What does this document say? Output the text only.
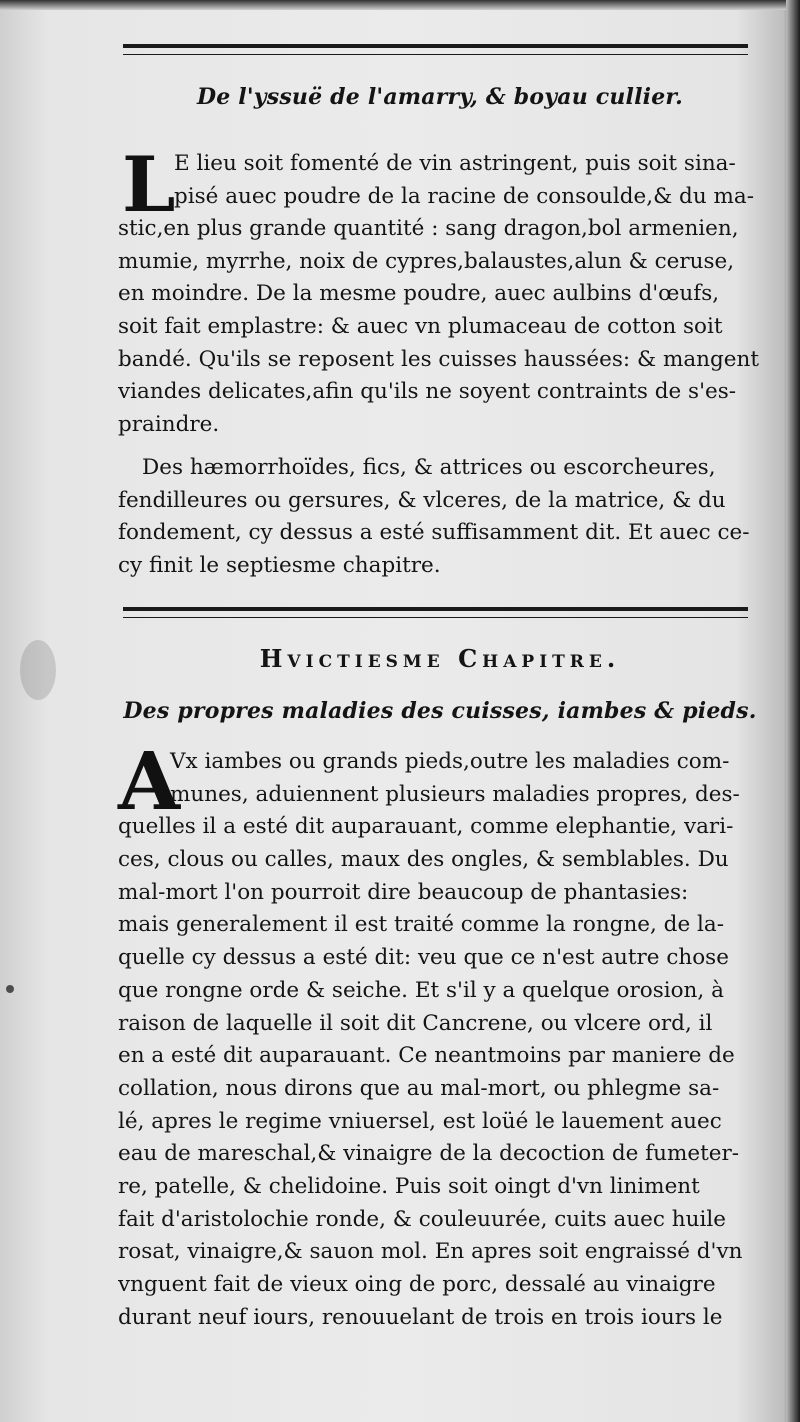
De l'yssuë de l'amarry, & boyau cullier.
L
E lieu soit fomenté de vin astringent, puis soit sina-
pisé auec poudre de la racine de consoulde,& du ma-
stic,en plus grande quantité : sang dragon,bol armenien,
mumie, myrrhe, noix de cypres,balaustes,alun & ceruse,
en moindre. De la mesme poudre, auec aulbins d'œufs,
soit fait emplastre: & auec vn plumaceau de cotton soit
bandé. Qu'ils se reposent les cuisses haussées: & mangent
viandes delicates,afin qu'ils ne soyent contraints de s'es-
praindre.
Des hæmorrhoïdes, fics, & attrices ou escorcheures,
fendilleures ou gersures, & vlceres, de la matrice, & du
fondement, cy dessus a esté suffisamment dit. Et auec ce-
cy finit le septiesme chapitre.
Hvictiesme Chapitre.
Des propres maladies des cuisses, iambes & pieds.
A
Vx iambes ou grands pieds,outre les maladies com-
munes, aduiennent plusieurs maladies propres, des-
quelles il a esté dit auparauant, comme elephantie, vari-
ces, clous ou calles, maux des ongles, & semblables. Du
mal-mort l'on pourroit dire beaucoup de phantasies:
mais generalement il est traité comme la rongne, de la-
quelle cy dessus a esté dit: veu que ce n'est autre chose
que rongne orde & seiche. Et s'il y a quelque orosion, à
raison de laquelle il soit dit Cancrene, ou vlcere ord, il
en a esté dit auparauant. Ce neantmoins par maniere de
collation, nous dirons que au mal-mort, ou phlegme sa-
lé, apres le regime vniuersel, est loüé le lauement auec
eau de mareschal,& vinaigre de la decoction de fumeter-
re, patelle, & chelidoine. Puis soit oingt d'vn liniment
fait d'aristolochie ronde, & couleuurée, cuits auec huile
rosat, vinaigre,& sauon mol. En apres soit engraissé d'vn
vnguent fait de vieux oing de porc, dessalé au vinaigre
durant neuf iours, renouuelant de trois en trois iours le
